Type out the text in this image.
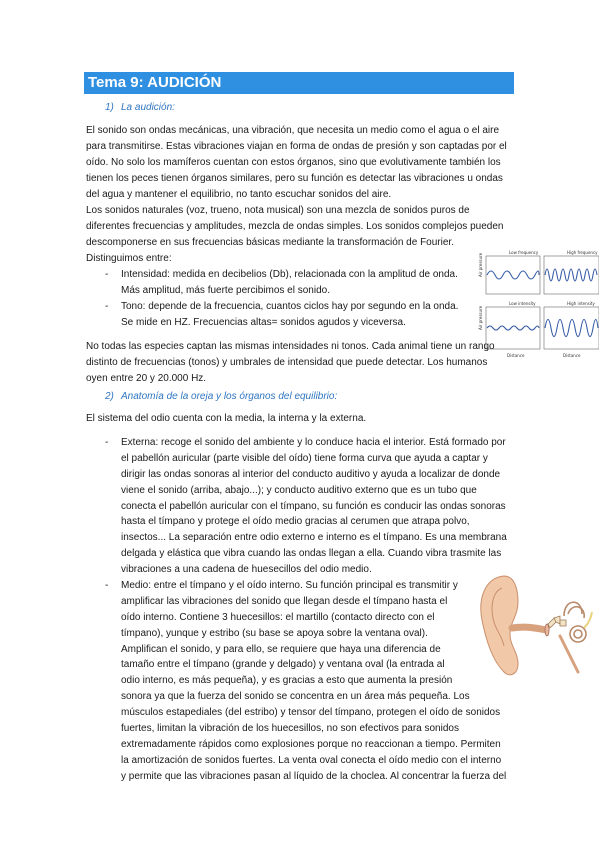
Tema 9: AUDICIÓN
1) La audición:
El sonido son ondas mecánicas, una vibración, que necesita un medio como el agua o el aire
para transmitirse. Estas vibraciones viajan en forma de ondas de presión y son captadas por el
oído. No solo los mamíferos cuentan con estos órganos, sino que evolutivamente también los
tienen los peces tienen órganos similares, pero su función es detectar las vibraciones u ondas
del agua y mantener el equilibrio, no tanto escuchar sonidos del aire.
Los sonidos naturales (voz, trueno, nota musical) son una mezcla de sonidos puros de
diferentes frecuencias y amplitudes, mezcla de ondas simples. Los sonidos complejos pueden
descomponerse en sus frecuencias básicas mediante la transformación de Fourier.
Distinguimos entre:
- Intensidad: medida en decibelios (Db), relacionada con la amplitud de onda.
Más amplitud, más fuerte percibimos el sonido.
- Tono: depende de la frecuencia, cuantos ciclos hay por segundo en la onda.
Se mide en HZ. Frecuencias altas= sonidos agudos y viceversa.
Air pressure
Air pressure
Low frequency	High frequency
Low intensity	High intensity
Distance	Distance
No todas las especies captan las mismas intensidades ni tonos. Cada animal tiene un rango
distinto de frecuencias (tonos) y umbrales de intensidad que puede detectar. Los humanos
oyen entre 20 y 20.000 Hz.
2) Anatomía de la oreja y los órganos del equilibrio:
El sistema del odio cuenta con la media, la interna y la externa.
- Externa: recoge el sonido del ambiente y lo conduce hacia el interior. Está formado por
el pabellón auricular (parte visible del oído) tiene forma curva que ayuda a captar y
dirigir las ondas sonoras al interior del conducto auditivo y ayuda a localizar de donde
viene el sonido (arriba, abajo...); y conducto auditivo externo que es un tubo que
conecta el pabellón auricular con el tímpano, su función es conducir las ondas sonoras
hasta el tímpano y protege el oído medio gracias al cerumen que atrapa polvo,
insectos... La separación entre odio externo e interno es el tímpano. Es una membrana
delgada y elástica que vibra cuando las ondas llegan a ella. Cuando vibra trasmite las
vibraciones a una cadena de huesecillos del odio medio.
- Medio: entre el tímpano y el oído interno. Su función principal es transmitir y
amplificar las vibraciones del sonido que llegan desde el tímpano hasta el
oído interno. Contiene 3 huecesillos: el martillo (contacto directo con el
tímpano), yunque y estribo (su base se apoya sobre la ventana oval).
Amplifican el sonido, y para ello, se requiere que haya una diferencia de
tamaño entre el tímpano (grande y delgado) y ventana oval (la entrada al
odio interno, es más pequeña), y es gracias a esto que aumenta la presión
sonora ya que la fuerza del sonido se concentra en un área más pequeña. Los
músculos estapediales (del estribo) y tensor del tímpano, protegen el oído de sonidos
fuertes, limitan la vibración de los huecesillos, no son efectivos para sonidos
extremadamente rápidos como explosiones porque no reaccionan a tiempo. Permiten
la amortización de sonidos fuertes. La venta oval conecta el oído medio con el interno
y permite que las vibraciones pasan al líquido de la choclea. Al concentrar la fuerza del
